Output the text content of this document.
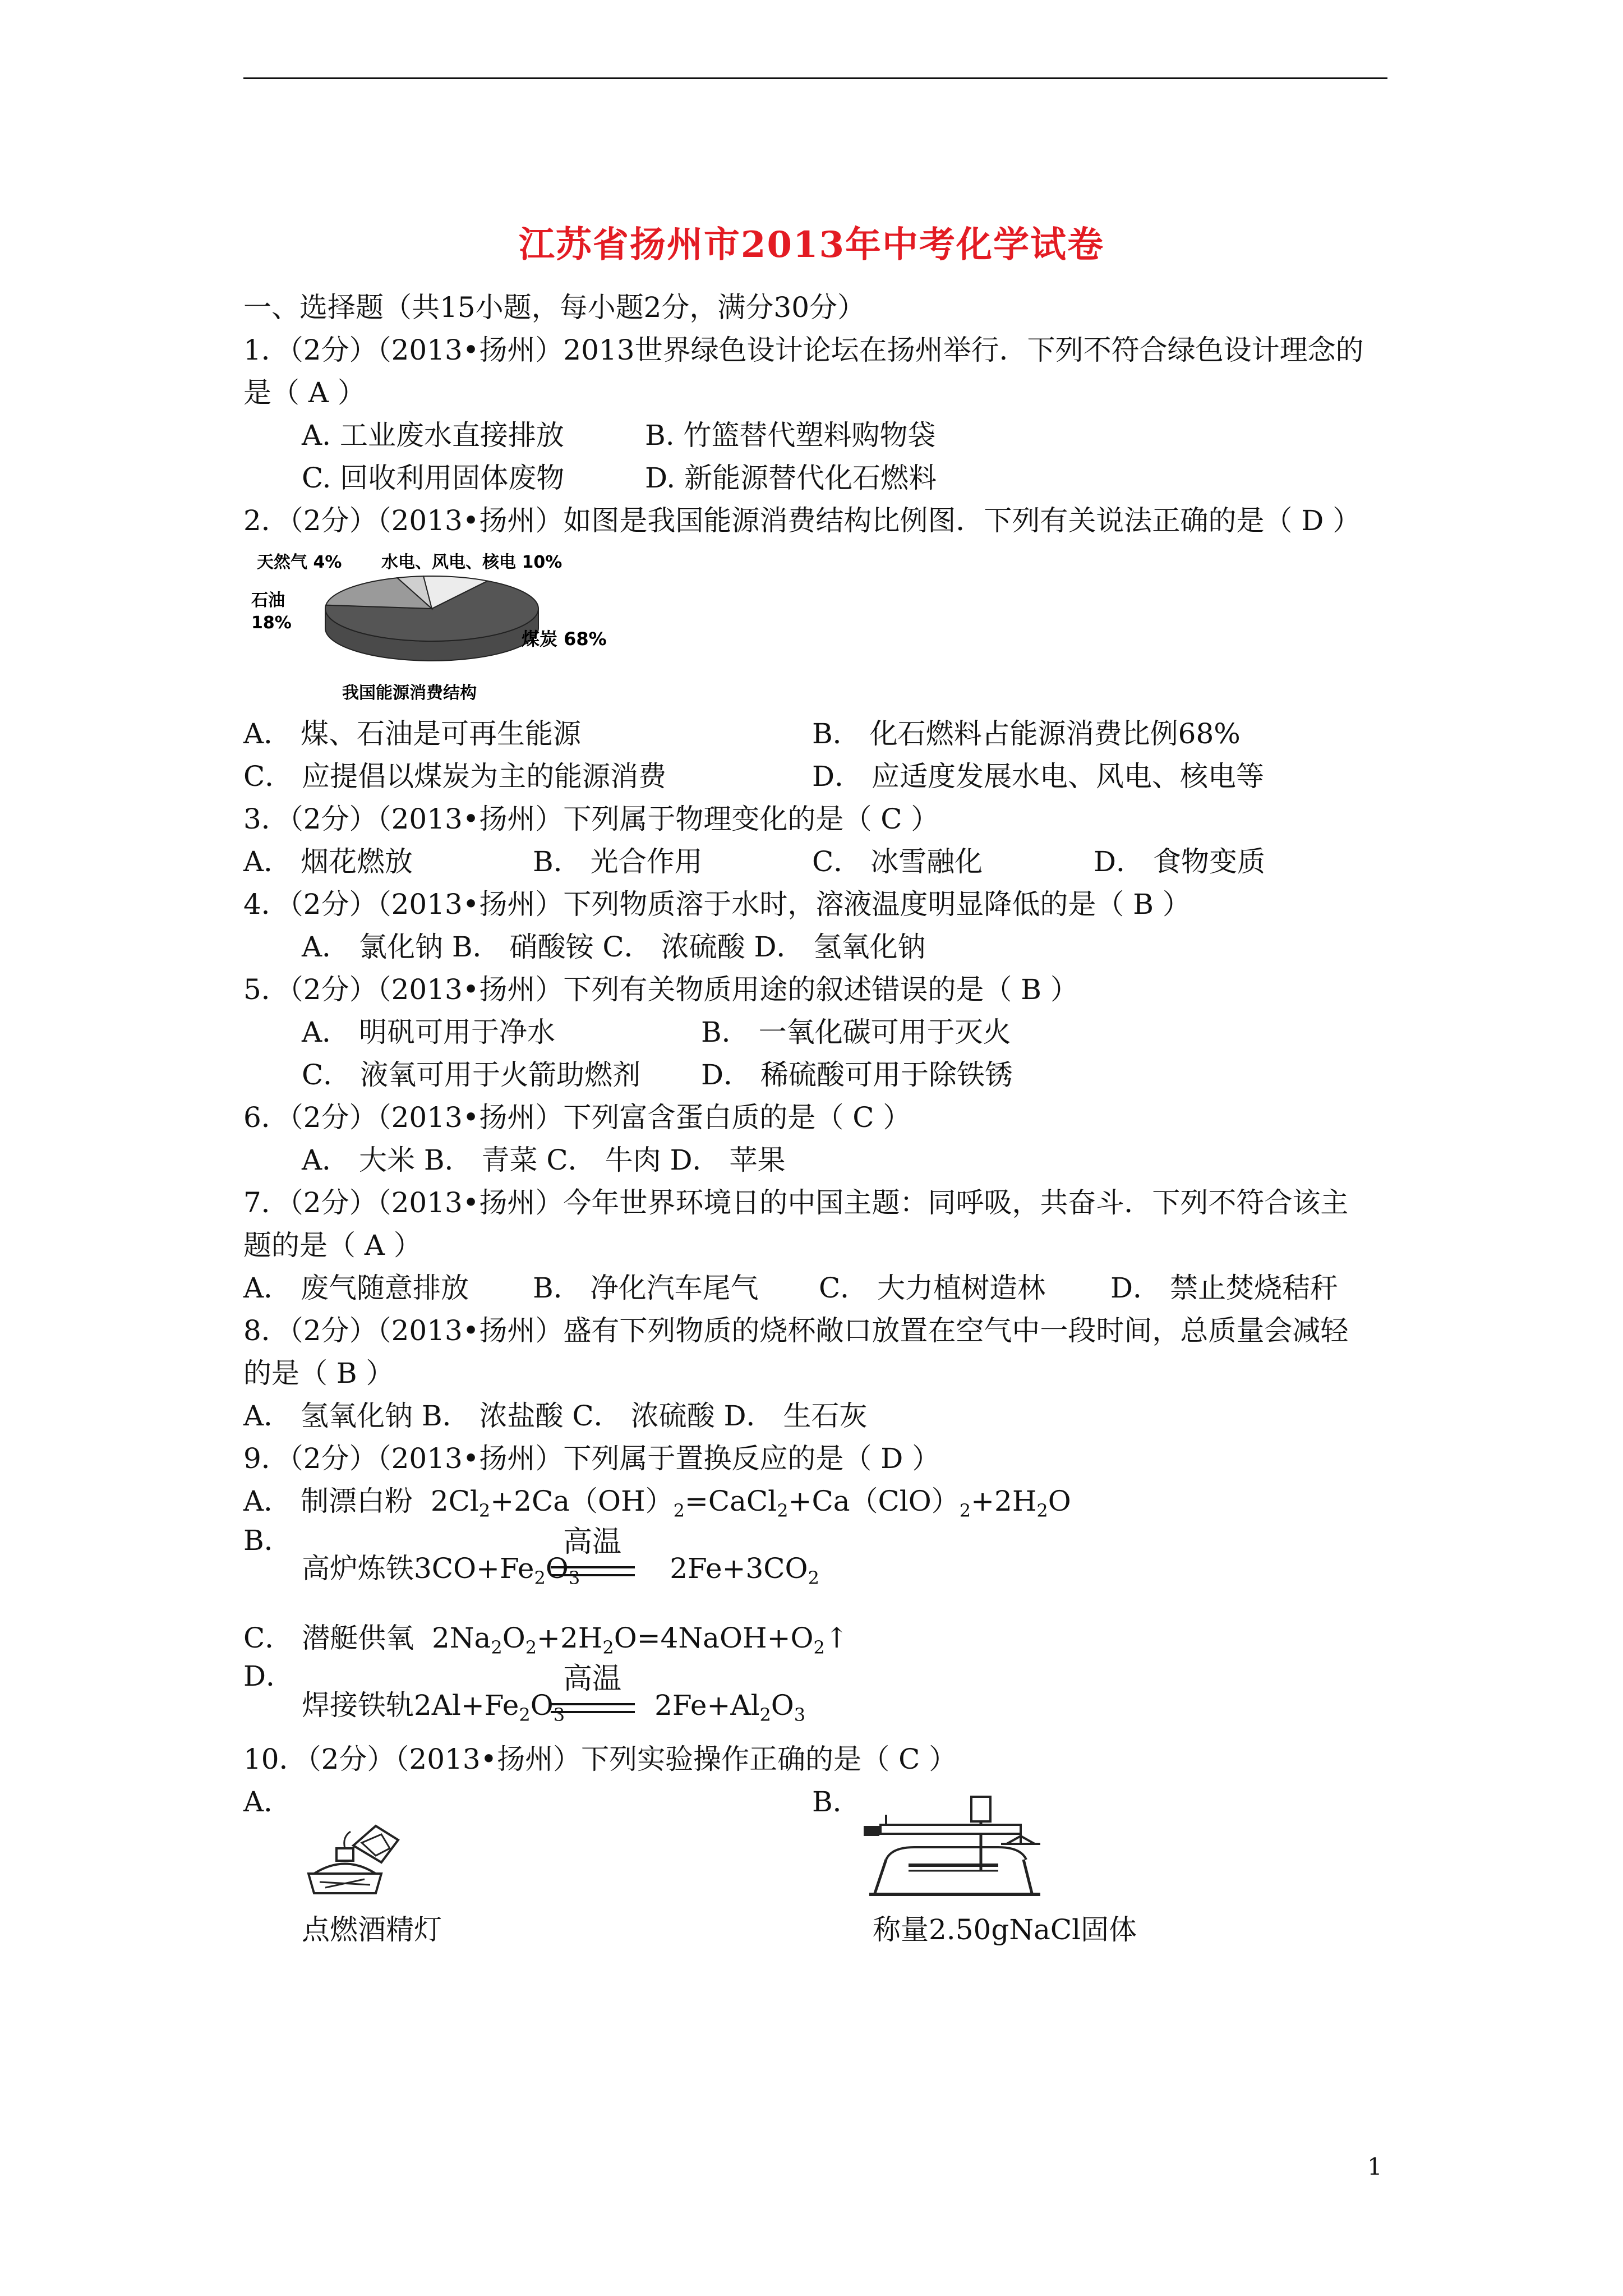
江苏省扬州市2013年中考化学试卷
一、选择题（共15小题，每小题2分，满分30分）
1．（2分）（2013•扬州）2013世界绿色设计论坛在扬州举行．下列不符合绿色设计理念的
是（ A ）
A. 工业废水直接排放	B. 竹篮替代塑料购物袋
C. 回收利用固体废物	D. 新能源替代化石燃料
2．（2分）（2013•扬州）如图是我国能源消费结构比例图．下列有关说法正确的是（ D ）
天然气 4% 水电、风电、核电 10%
石油
18%
煤炭 68%
我国能源消费结构
A． 煤、石油是可再生能源	B． 化石燃料占能源消费比例68%
C． 应提倡以煤炭为主的能源消费	D． 应适度发展水电、风电、核电等
3．（2分）（2013•扬州）下列属于物理变化的是（ C ）
A． 烟花燃放	B． 光合作用	C． 冰雪融化	D． 食物变质
4．（2分）（2013•扬州）下列物质溶于水时，溶液温度明显降低的是（ B ）
A． 氯化钠 B． 硝酸铵 C． 浓硫酸 D． 氢氧化钠
5．（2分）（2013•扬州）下列有关物质用途的叙述错误的是（ B ）
A． 明矾可用于净水	B． 一氧化碳可用于灭火
C． 液氧可用于火箭助燃剂 D． 稀硫酸可用于除铁锈
6．（2分）（2013•扬州）下列富含蛋白质的是（ C ）
A． 大米 B． 青菜 C． 牛肉 D． 苹果
7．（2分）（2013•扬州）今年世界环境日的中国主题：同呼吸，共奋斗．下列不符合该主
题的是（ A ）
A． 废气随意排放 B． 净化汽车尾气 C． 大力植树造林 D． 禁止焚烧秸秆
8．（2分）（2013•扬州）盛有下列物质的烧杯敞口放置在空气中一段时间，总质量会减轻
的是（ B ）
A． 氢氧化钠 B． 浓盐酸 C． 浓硫酸 D． 生石灰
9．（2分）（2013•扬州）下列属于置换反应的是（ D ）
A． 制漂白粉  $2Cl_2+2Ca(OH)_2=CaCl_2+Ca(ClO)_2+2H_2O$
B．
高炉炼铁$3CO+Fe_2O_3$	$2Fe+3CO_2$
高温
C． 潜艇供氧  $2Na_2O_2+2H_2O=4NaOH+O_2↑$
D．
焊接铁轨$2Al+Fe_2O_3$	$2Fe+Al_2O_3$
高温
10．（2分）（2013•扬州）下列实验操作正确的是（ C ）
A．	B．
点燃酒精灯	称量2.50gNaCl固体
1
